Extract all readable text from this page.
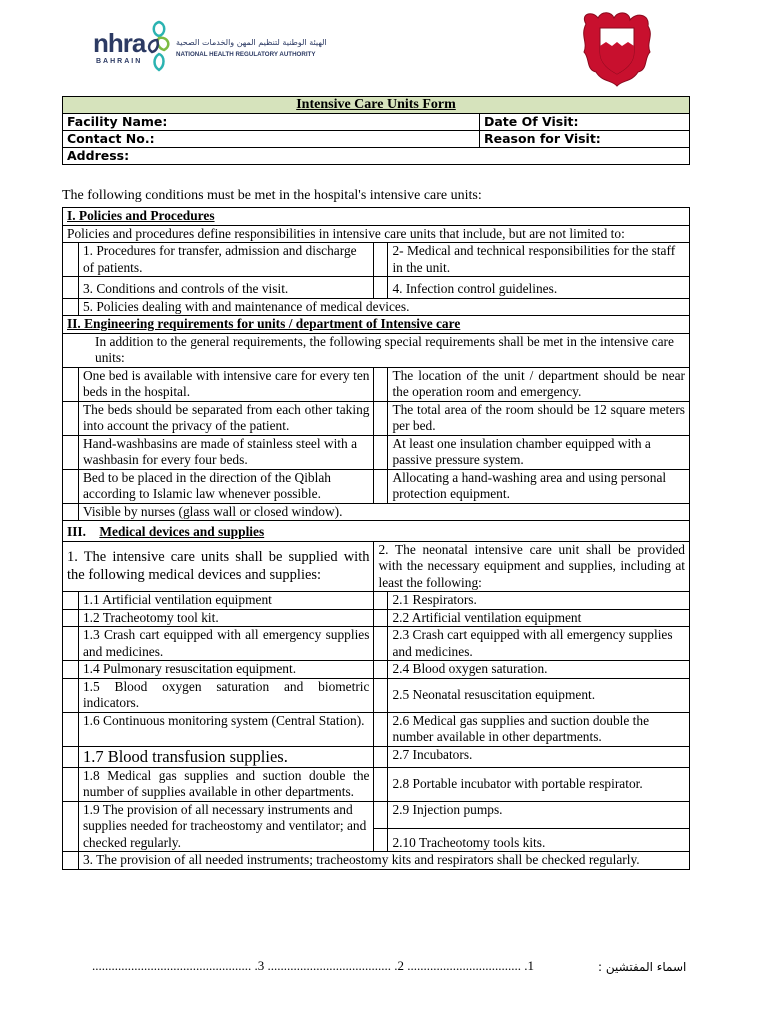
nhra
BAHRAIN
الهيئة الوطنية لتنظيم المهن والخدمات الصحية
NATIONAL HEALTH REGULATORY AUTHORITY
Intensive Care Units Form	
Facility Name:	Date Of Visit:
Contact No.:	Reason for Visit:
Address:	
The following conditions must be met in the hospital's intensive care units:
I. Policies and Procedures			
Policies and procedures define responsibilities in intensive care units that include, but are not limited to:			
	1. Procedures for transfer, admission and discharge of patients.		2- Medical and technical responsibilities for the staff in the unit.
	3. Conditions and controls of the visit.		4. Infection control guidelines.
	5. Policies dealing with and maintenance of medical devices.		
II. Engineering requirements for units / department of Intensive care			
In addition to the general requirements, the following special requirements shall be met in the intensive care units:			
	One bed is available with intensive care for every ten beds in the hospital.		The location of the unit / department should be near the operation room and emergency.
	The beds should be separated from each other taking into account the privacy of the patient.		The total area of the room should be 12 square meters per bed.
	Hand-washbasins are made of stainless steel with a washbasin for every four beds.		At least one insulation chamber equipped with a passive pressure system.
	Bed to be placed in the direction of the Qiblah according to Islamic law whenever possible.		Allocating a hand-washing area and using personal protection equipment.
	Visible by nurses (glass wall or closed window).		
III. Medical devices and supplies			
1. The intensive care units shall be supplied with the following medical devices and supplies:		2. The neonatal intensive care unit shall be provided with the necessary equipment and supplies, including at least the following:	
	1.1 Artificial ventilation equipment		2.1 Respirators.
	1.2 Tracheotomy tool kit.		2.2 Artificial ventilation equipment
	1.3 Crash cart equipped with all emergency supplies and medicines.		2.3 Crash cart equipped with all emergency supplies and medicines.
	1.4 Pulmonary resuscitation equipment.		2.4 Blood oxygen saturation.
	1.5 Blood oxygen saturation and biometric indicators.		2.5 Neonatal resuscitation equipment.
	1.6 Continuous monitoring system (Central Station).		2.6 Medical gas supplies and suction double the number available in other departments.
	1.7 Blood transfusion supplies.		2.7 Incubators.
	1.8 Medical gas supplies and suction double the number of supplies available in other departments.		2.8 Portable incubator with portable respirator.
	1.9 The provision of all necessary instruments and supplies needed for tracheostomy and ventilator; and checked regularly.		2.9 Injection pumps.
			2.10 Tracheotomy tools kits.
	3. The provision of all needed instruments; tracheostomy kits and respirators shall be checked regularly.		
................................................. .3 ...................................... .2 ................................... .1	اسماء المفتشين :
